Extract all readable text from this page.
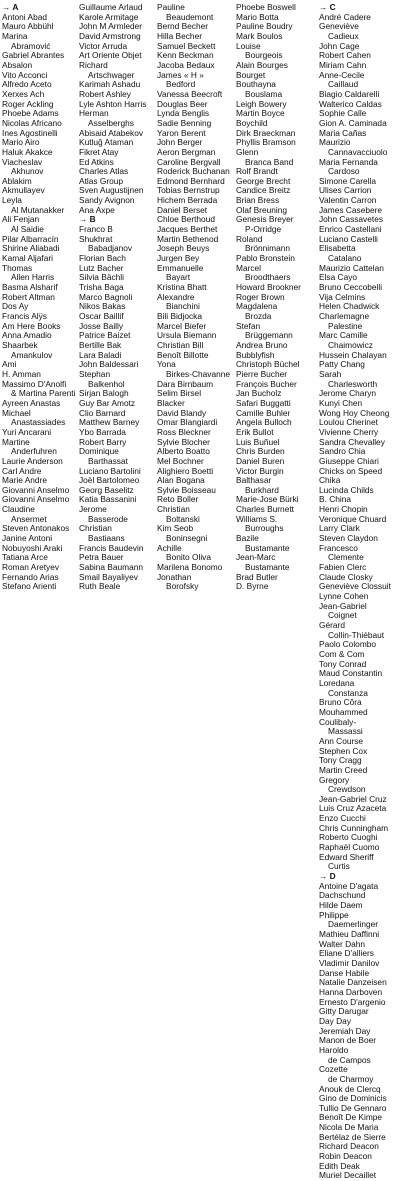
→ A
Antoni Abad
Mauro Abbühl
Marina
Abramović
Gabriel Abrantes
Absalon
Vito Acconci
Alfredo Aceto
Xerxes Ach
Roger Ackling
Phoebe Adams
Nicolas Africano
Ines Agostinelli
Mario Airo
Haluk Akakce
Viacheslav
Akhunov
Ablakim
Akmullayev
Leyla
Al Mutanakker
Ali Fenjan
Al Saidie
Pilar Albarracín
Shirine Aliabadi
Kamal Aljafari
Thomas
Allen Harris
Basma Alsharif
Robert Altman
Dos Ay
Francis Alÿs
Am Here Books
Anna Amadio
Shaarbek
Amankulov
Ami
H. Amman
Massimo D'Anolfi
& Martina Parenti
Ayreen Anastas
Michael
Anastassiades
Yuri Ancarani
Martine
Anderfuhren
Laurie Anderson
Carl Andre
Marie Andre
Giovanni Anselmo
Giovanni Anselmo
Claudine
Ansermet
Steven Antonakos
Janine Antoni
Nobuyoshi Araki
Tatiana Arce
Roman Aretyev
Fernando Arias
Stefano Arienti
Guillaume Arlaud
Karole Armitage
John M Armleder
David Armstrong
Victor Arruda
Art Oriente Objet
Richard
Artschwager
Karimah Ashadu
Robert Ashley
Lyle Ashton Harris
Herman
Asselberghs
Abisaid Atabekov
Kutluğ Ataman
Fikret Atay
Ed Atkins
Charles Atlas
Atlas Group
Sven Augustijnen
Sandy Avignon
Ana Axpe
→ B
Franco B
Shukhrat
Babadjanov
Florian Bach
Lutz Bacher
Silvia Bächli
Trisha Baga
Marco Bagnoli
Nikos Bakas
Oscar Baillif
Josse Bailly
Patrice Baizet
Bertille Bak
Lara Baladi
John Baldessari
Stephan
Balkenhol
Sirjan Balogh
Guy Bar Amotz
Clio Barnard
Matthew Barney
Ybo Barrada
Robert Barry
Dominique
Barthassat
Luciano Bartolini
Joël Bartolomeo
Georg Baselitz
Katia Bassanini
Jerome
Basserode
Christian
Bastiaans
Francis Baudevin
Petra Bauer
Sabina Baumann
Smail Bayaliyev
Ruth Beale
Pauline
Beaudemont
Bernd Becher
Hilla Becher
Samuel Beckett
Kenn Beckman
Jacoba Bedaux
James « H »
Bedford
Vanessa Beecroft
Douglas Beer
Lynda Benglis
Sadie Benning
Yaron Berent
John Berger
Aeron Bergman
Caroline Bergvall
Roderick Buchanan
Edmond Bernhard
Tobias Bernstrup
Hichem Berrada
Daniel Berset
Chloe Berthoud
Jacques Berthet
Martin Bethenod
Joseph Beuys
Jurgen Bey
Emmanuelle
Bayart
Kristina Bhatt
Alexandre
Bianchini
Bili Bidjocka
Marcel Biefer
Ursula Biemann
Christian Bill
Benoît Billotte
Yona
Birkes-Chavanne
Dara Birnbaum
Selim Birsel
Blacker
David Blandy
Omar Blangiardi
Ross Bleckner
Sylvie Blocher
Alberto Boatto
Mel Bochner
Alighiero Boetti
Alan Bogana
Sylvie Boisseau
Reto Boller
Christian
Boltanski
Kim Seob
Boninsegni
Achille
Bonito Oliva
Marilena Bonomo
Jonathan
Borofsky
Phoebe Boswell
Mario Botta
Pauline Boudry
Mark Boulos
Louise
Bourgeois
Alain Bourges
Bourget
Bouthayna
Bouslama
Leigh Bowery
Martin Boyce
Boychild
Dirk Braeckman
Phyllis Bramson
Glenn
Branca Band
Rolf Brandt
George Brecht
Candice Breitz
Brian Bress
Olaf Breuning
Genesis Breyer
P-Orridge
Roland
Brönnimann
Pablo Bronstein
Marcel
Broodthaers
Howard Brookner
Roger Brown
Magdalena
Brozda
Stefan
Brüggemann
Andrea Bruno
Bubblyfish
Christoph Büchel
Pierre Bucher
François Bucher
Jan Bucholz
Safari Buggatti
Camille Buhler
Angela Bulloch
Erik Bullot
Luis Buñuel
Chris Burden
Daniel Buren
Victor Burgin
Balthasar
Burkhard
Marie-Jose Bürki
Charles Burnett
Williams S.
Burroughs
Bazile
Bustamante
Jean-Marc
Bustamante
Brad Butler
D. Byrne
→ C
André Cadere
Geneviève
Cadieux
John Cage
Robert Cahen
Miriam Cahn
Anne-Cecile
Caillaud
Biagio Caldarelli
Walterico Caldas
Sophie Calle
Gion A. Caminada
Maria Cañas
Maurizio
Cannavacciuolo
Maria Fernanda
Cardoso
Simone Carella
Ulises Carrion
Valentin Carron
James Casebere
John Cassavetes
Enrico Castellani
Luciano Castelli
Elisabetta
Catalano
Maurizio Cattelan
Elsa Cayo
Bruno Ceccobelli
Vija Celmins
Helen Chadwick
Charlemagne
Palestine
Marc Camille
Chaimowicz
Hussein Chalayan
Patty Chang
Sarah
Charlesworth
Jerome Charyn
Kunyi Chen
Wong Hoy Cheong
Loulou Cherinet
Vivienne Cherry
Sandra Chevalley
Sandro Chia
Giuseppe Chiari
Chicks on Speed
Chika
Lucinda Childs
B. China
Henri Chopin
Veronique Chuard
Larry Clark
Steven Claydon
Francesco
Clemente
Fabien Clerc
Claude Closky
Geneviève Clossuit
Lynne Cohen
Jean-Gabriel
Coignet
Gérard
Collin-Thiébaut
Paolo Colombo
Com & Com
Tony Conrad
Maud Constantin
Loredana
Constanza
Bruno Côra
Mouhammed
Coulibaly-
Massassi
Ann Course
Stephen Cox
Tony Cragg
Martin Creed
Gregory
Crewdson
Jean-Gabriel Cruz
Luis Cruz Azaceta
Enzo Cucchi
Chris Cunningham
Roberto Cuoghi
Raphaël Cuomo
Edward Sheriff
Curtis
→ D
Antoine D'agata
Dachschund
Hilde Daem
Philippe
Daemerlinger
Mathieu Daffinni
Walter Dahn
Eliane D'alliers
Vladimir Danilov
Danse Habile
Natalie Danzeisen
Hanna Darboven
Ernesto D'argenio
Gitty Darugar
Day Day
Jeremiah Day
Manon de Boer
Haroldo
de Campos
Cozette
de Charmoy
Anouk de Clercq
Gino de Dominicis
Tullio De Gennaro
Benoît De Kimpe
Nicola De Maria
Bertélaz de Sierre
Richard Deacon
Robin Deacon
Edith Deak
Muriel Decaillet
